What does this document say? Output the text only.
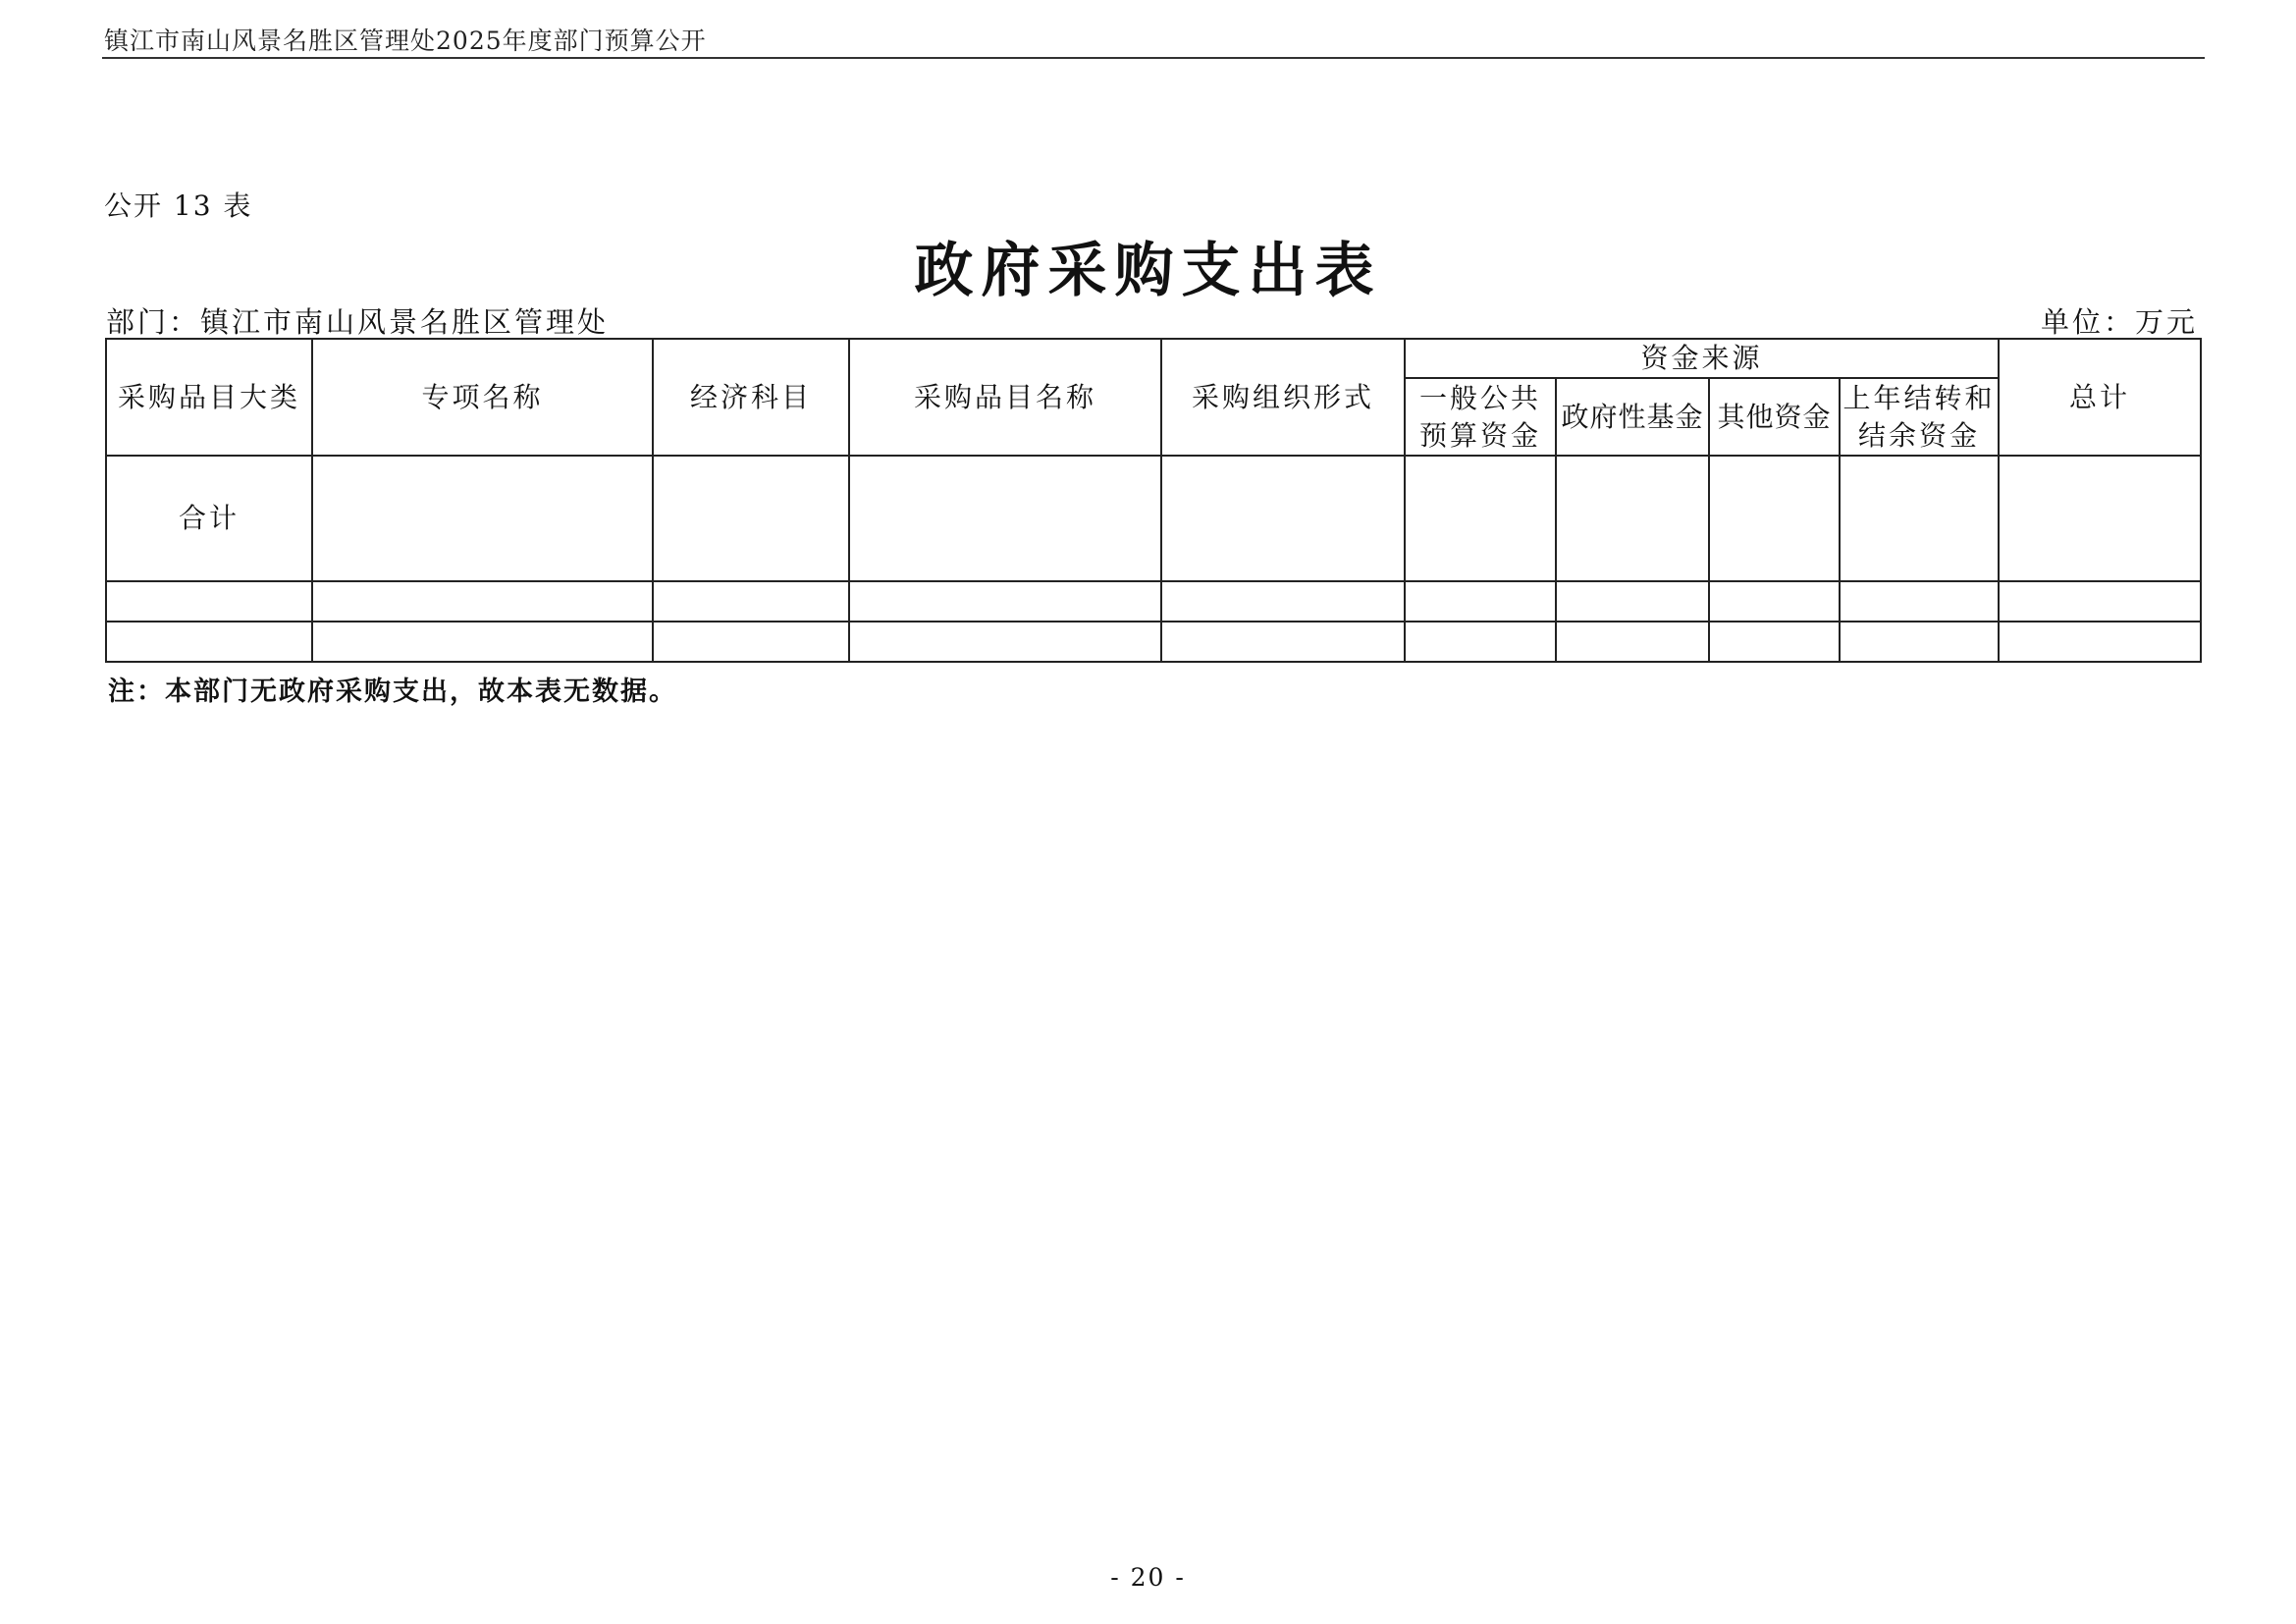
镇江市南山风景名胜区管理处2025年度部门预算公开
公开 13 表
政府采购支出表
部门：镇江市南山风景名胜区管理处	单位：万元
采购品目大类	专项名称	经济科目	采购品目名称	采购组织形式	资金来源				总计
					一般公共预算资金	政府性基金	其他资金	上年结转和结余资金	
合计									

注：本部门无政府采购支出，故本表无数据。
- 20 -
